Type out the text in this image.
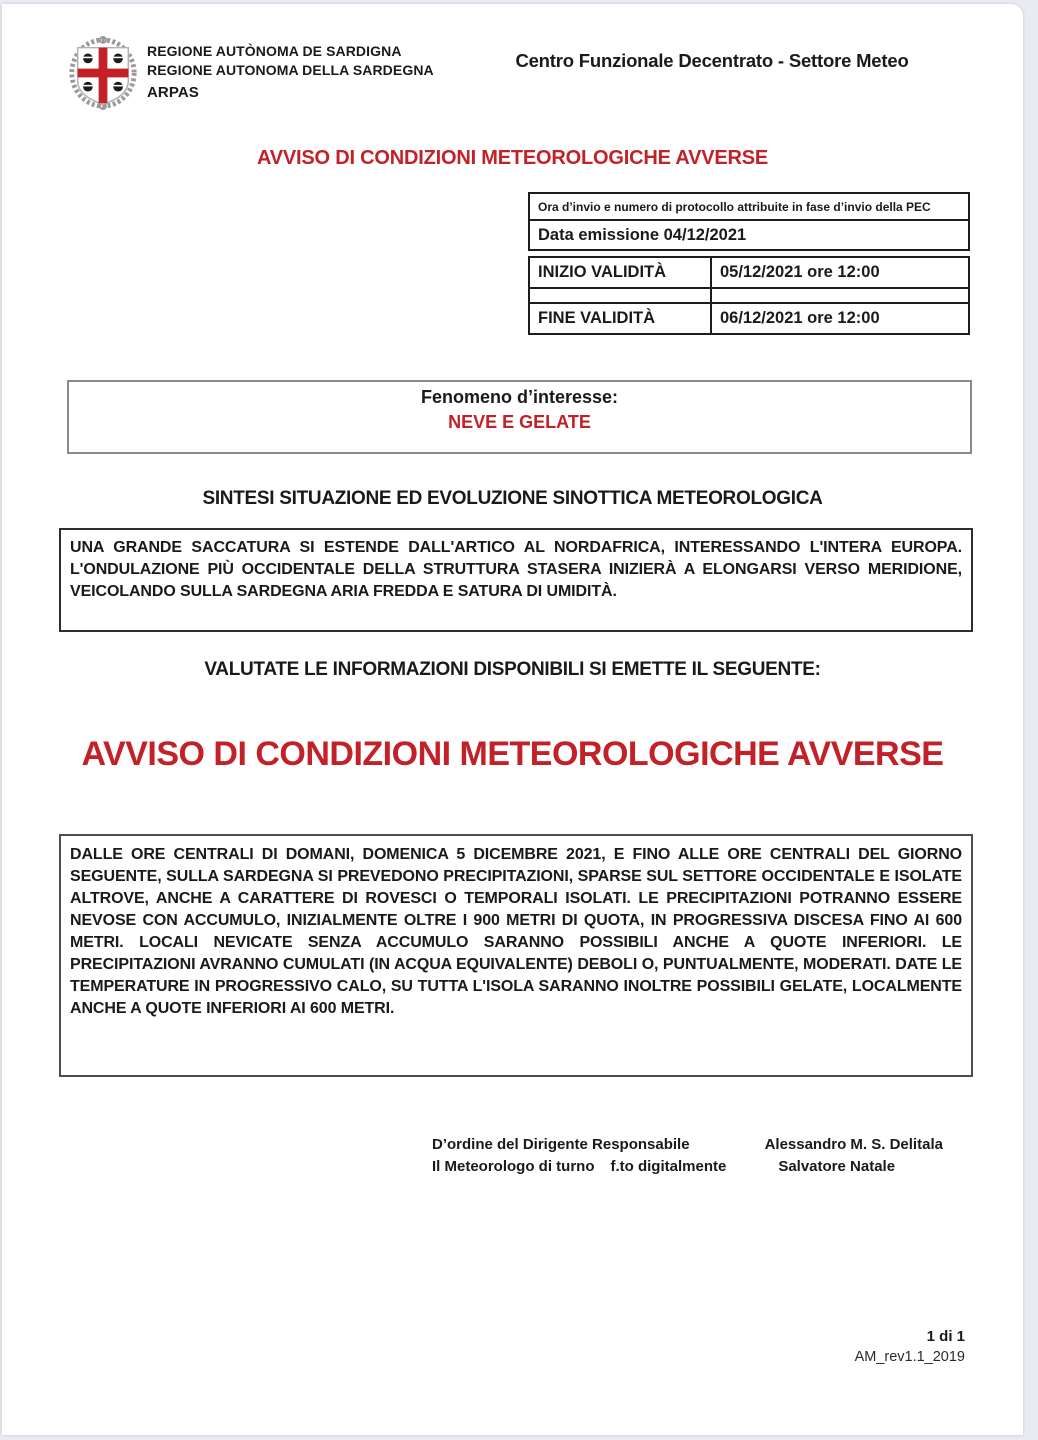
REGIONE AUTÒNOMA DE SARDIGNA
REGIONE AUTONOMA DELLA SARDEGNA
ARPAS
Centro Funzionale Decentrato - Settore Meteo
AVVISO DI CONDIZIONI METEOROLOGICHE AVVERSE
Ora d’invio e numero di protocollo attribuite in fase d’invio della PEC
Data emissione 04/12/2021
INIZIO VALIDITÀ	05/12/2021 ore 12:00

FINE VALIDITÀ	06/12/2021 ore 12:00
Fenomeno d’interesse:
NEVE E GELATE
SINTESI SITUAZIONE ED EVOLUZIONE SINOTTICA METEOROLOGICA
UNA GRANDE SACCATURA SI ESTENDE DALL'ARTICO AL NORDAFRICA, INTERESSANDO L'INTERA EUROPA. L'ONDULAZIONE PIÙ OCCIDENTALE DELLA STRUTTURA STASERA INIZIERÀ A ELONGARSI VERSO MERIDIONE, VEICOLANDO SULLA SARDEGNA ARIA FREDDA E SATURA DI UMIDITÀ.
VALUTATE LE INFORMAZIONI DISPONIBILI SI EMETTE IL SEGUENTE:
AVVISO DI CONDIZIONI METEOROLOGICHE AVVERSE
DALLE ORE CENTRALI DI DOMANI, DOMENICA 5 DICEMBRE 2021, E FINO ALLE ORE CENTRALI DEL GIORNO SEGUENTE, SULLA SARDEGNA SI PREVEDONO PRECIPITAZIONI, SPARSE SUL SETTORE OCCIDENTALE E ISOLATE ALTROVE, ANCHE A CARATTERE DI ROVESCI O TEMPORALI ISOLATI. LE PRECIPITAZIONI POTRANNO ESSERE NEVOSE CON ACCUMULO, INIZIALMENTE OLTRE I 900 METRI DI QUOTA, IN PROGRESSIVA DISCESA FINO AI 600 METRI. LOCALI NEVICATE SENZA ACCUMULO SARANNO POSSIBILI ANCHE A QUOTE INFERIORI. LE PRECIPITAZIONI AVRANNO CUMULATI (IN ACQUA EQUIVALENTE) DEBOLI O, PUNTUALMENTE, MODERATI. DATE LE TEMPERATURE IN PROGRESSIVO CALO, SU TUTTA L'ISOLA SARANNO INOLTRE POSSIBILI GELATE, LOCALMENTE ANCHE A QUOTE INFERIORI AI 600 METRI.
D’ordine del Dirigente Responsabile	Alessandro M. S. Delitala
Il Meteorologo di turno f.to digitalmente	Salvatore Natale
1 di 1
AM_rev1.1_2019
